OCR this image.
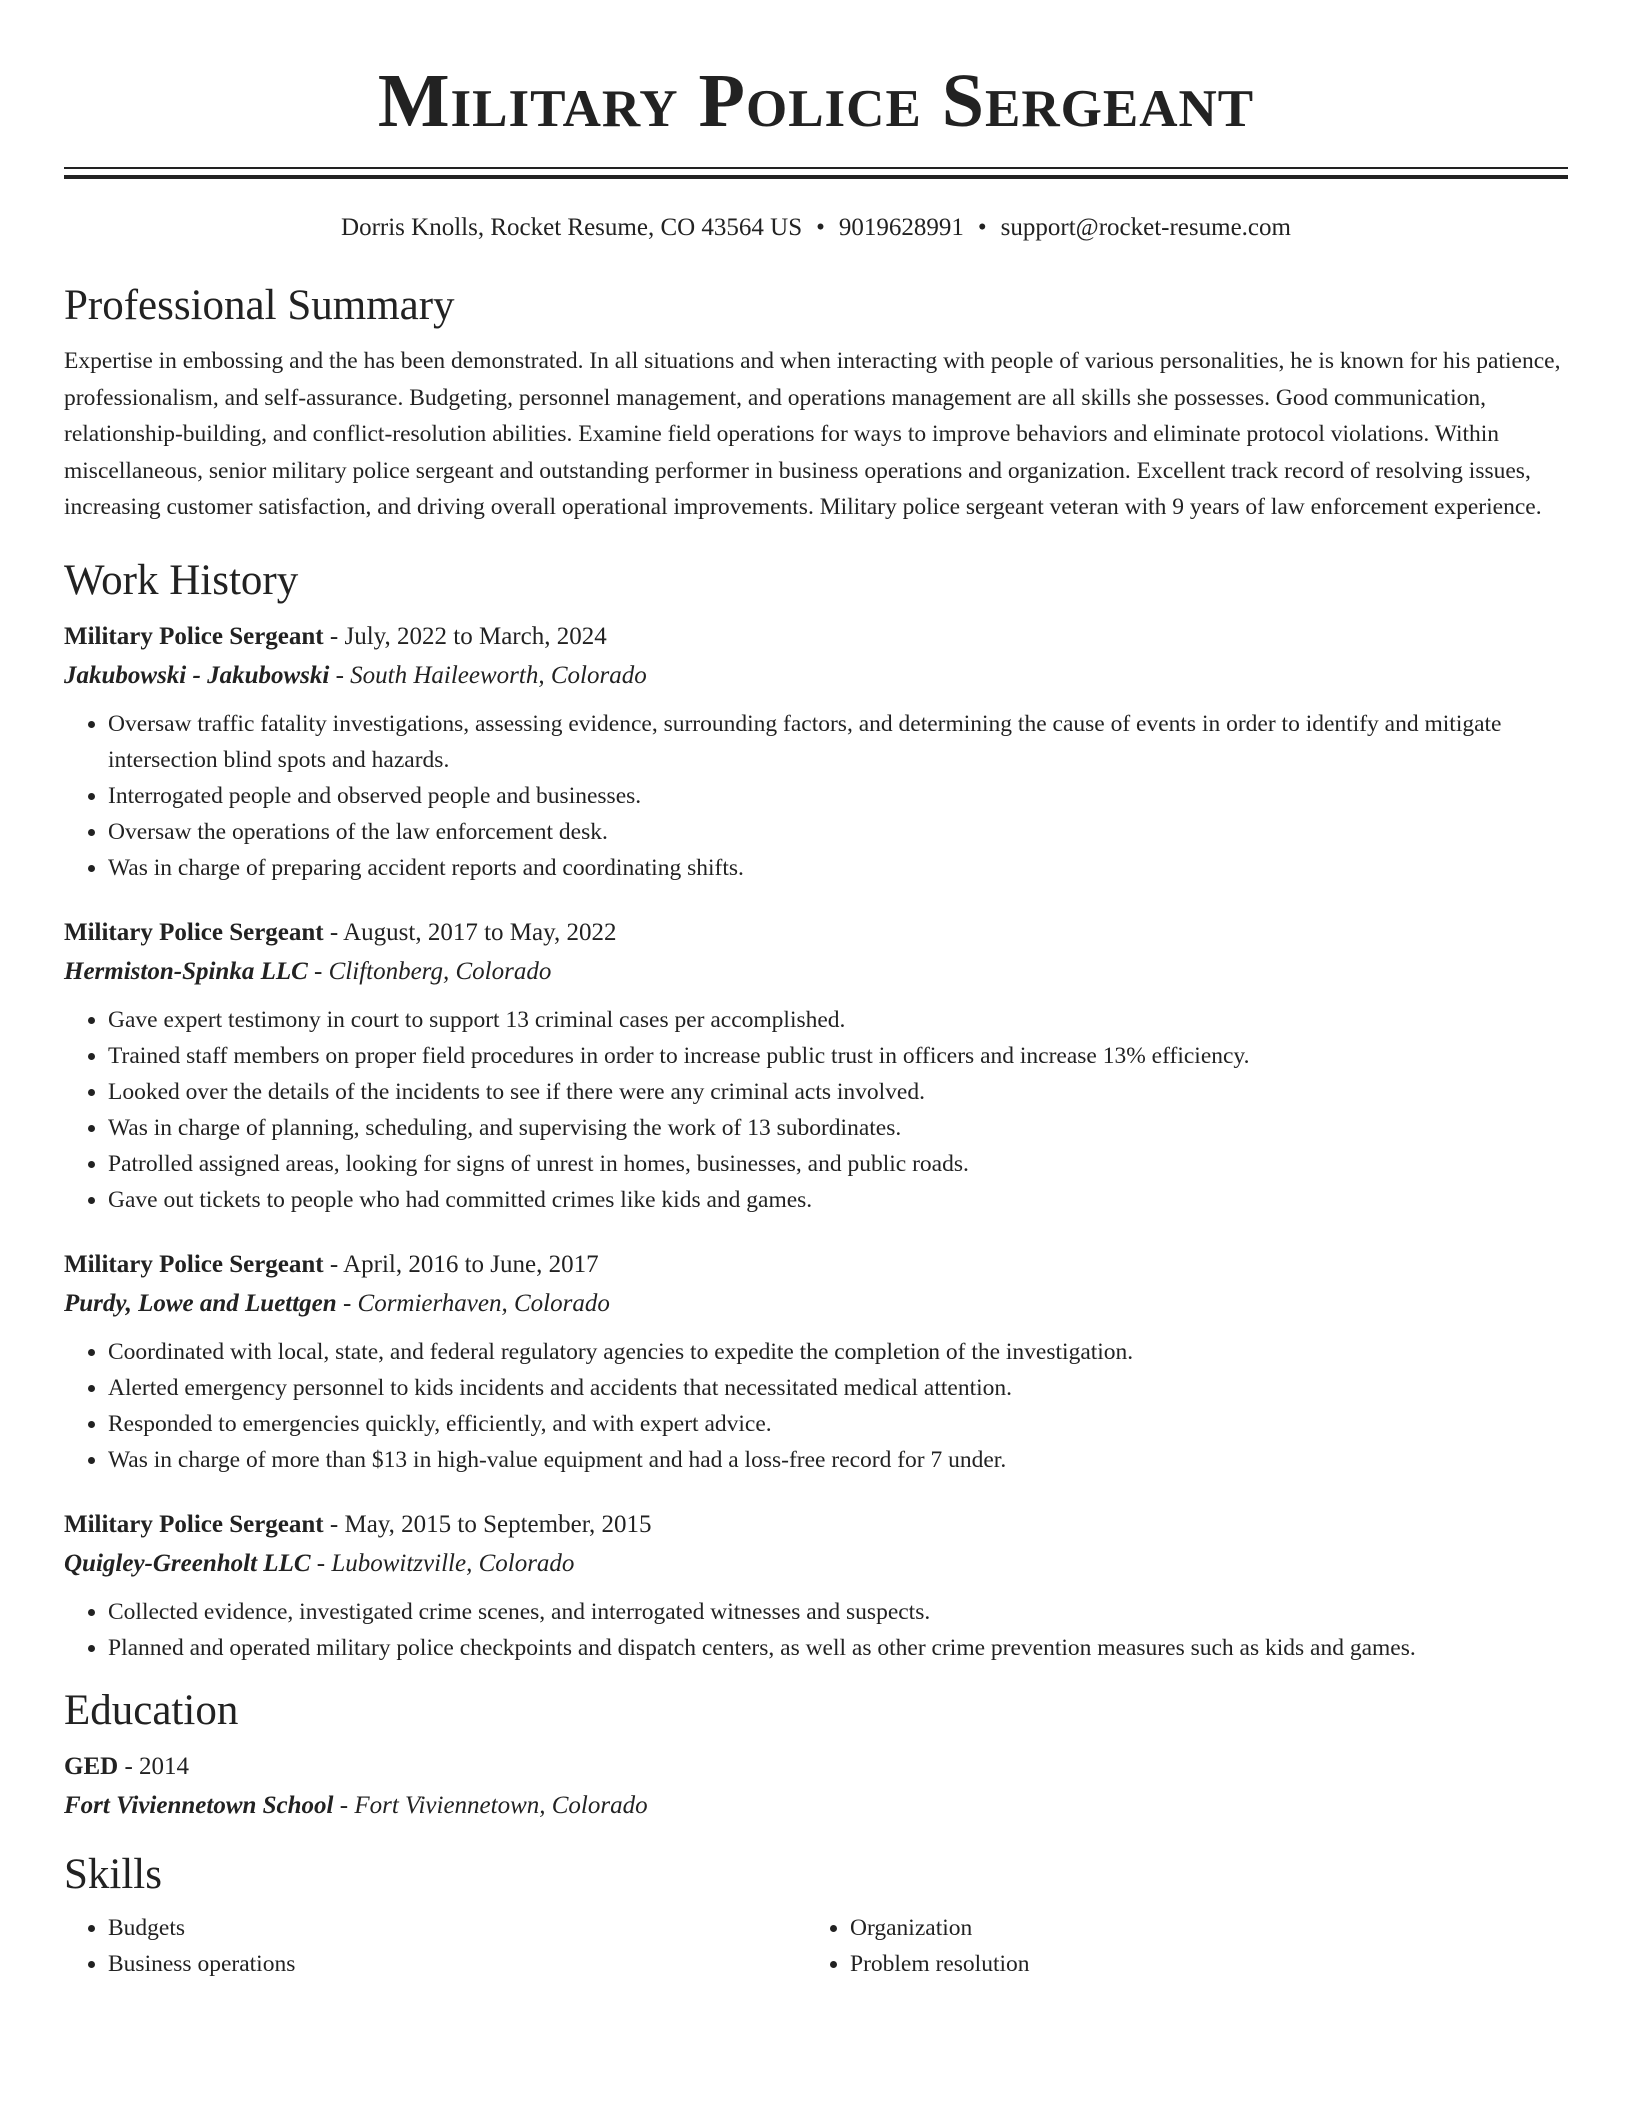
Military Police Sergeant
Dorris Knolls, Rocket Resume, CO 43564 US • 9019628991 • support@rocket-resume.com
Professional Summary
Expertise in embossing and the has been demonstrated. In all situations and when interacting with people of various personalities, he is known for his patience, professionalism, and self-assurance. Budgeting, personnel management, and operations management are all skills she possesses. Good communication, relationship-building, and conflict-resolution abilities. Examine field operations for ways to improve behaviors and eliminate protocol violations. Within miscellaneous, senior military police sergeant and outstanding performer in business operations and organization. Excellent track record of resolving issues, increasing customer satisfaction, and driving overall operational improvements. Military police sergeant veteran with 9 years of law enforcement experience.
Work History
Military Police Sergeant - July, 2022 to March, 2024
Jakubowski - Jakubowski - South Haileeworth, Colorado
• Oversaw traffic fatality investigations, assessing evidence, surrounding factors, and determining the cause of events in order to identify and mitigate intersection blind spots and hazards.
• Interrogated people and observed people and businesses.
• Oversaw the operations of the law enforcement desk.
• Was in charge of preparing accident reports and coordinating shifts.
Military Police Sergeant - August, 2017 to May, 2022
Hermiston-Spinka LLC - Cliftonberg, Colorado
• Gave expert testimony in court to support 13 criminal cases per accomplished.
• Trained staff members on proper field procedures in order to increase public trust in officers and increase 13% efficiency.
• Looked over the details of the incidents to see if there were any criminal acts involved.
• Was in charge of planning, scheduling, and supervising the work of 13 subordinates.
• Patrolled assigned areas, looking for signs of unrest in homes, businesses, and public roads.
• Gave out tickets to people who had committed crimes like kids and games.
Military Police Sergeant - April, 2016 to June, 2017
Purdy, Lowe and Luettgen - Cormierhaven, Colorado
• Coordinated with local, state, and federal regulatory agencies to expedite the completion of the investigation.
• Alerted emergency personnel to kids incidents and accidents that necessitated medical attention.
• Responded to emergencies quickly, efficiently, and with expert advice.
• Was in charge of more than $13 in high-value equipment and had a loss-free record for 7 under.
Military Police Sergeant - May, 2015 to September, 2015
Quigley-Greenholt LLC - Lubowitzville, Colorado
• Collected evidence, investigated crime scenes, and interrogated witnesses and suspects.
• Planned and operated military police checkpoints and dispatch centers, as well as other crime prevention measures such as kids and games.
Education
GED - 2014
Fort Viviennetown School - Fort Viviennetown, Colorado
Skills
• Budgets
• Business operations
• Organization
• Problem resolution
